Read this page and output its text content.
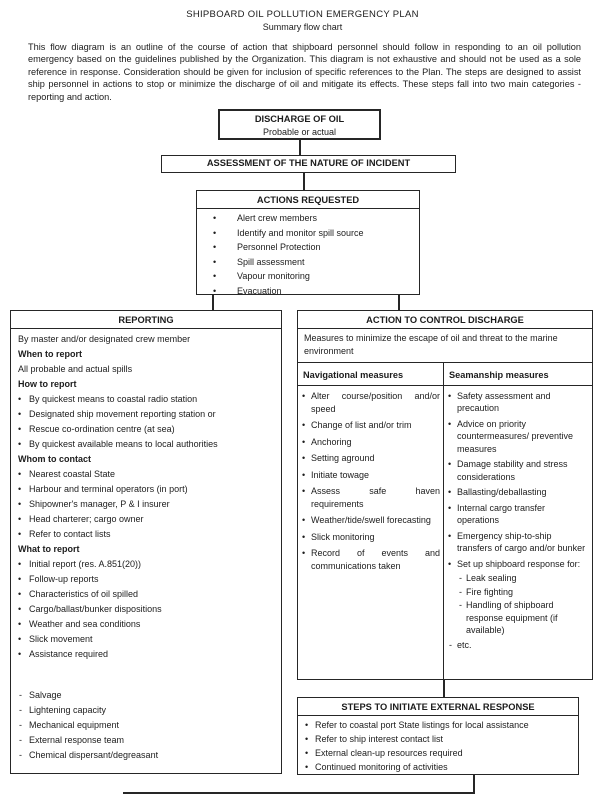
SHIPBOARD OIL POLLUTION EMERGENCY PLAN
Summary flow chart
This flow diagram is an outline of the course of action that shipboard personnel should follow in responding to an oil pollution emergency based on the guidelines published by the Organization. This diagram is not exhaustive and should not be used as a sole reference in response. Consideration should be given for inclusion of specific references to the Plan. The steps are designed to assist ship personnel in actions to stop or minimize the discharge of oil and mitigate its effects. These steps fall into two main categories - reporting and action.
DISCHARGE OF OIL
Probable or actual
ASSESSMENT OF THE NATURE OF INCIDENT
ACTIONS REQUESTED
• Alert crew members
• Identify and monitor spill source
• Personnel Protection
• Spill assessment
• Vapour monitoring
• Evacuation
REPORTING
By master and/or designated crew member
When to report
All probable and actual spills
How to report
• By quickest means to coastal radio station
• Designated ship movement reporting station or
• Rescue co-ordination centre (at sea)
• By quickest available means to local authorities
Whom to contact
• Nearest coastal State
• Harbour and terminal operators (in port)
• Shipowner's manager, P & I insurer
• Head charterer; cargo owner
• Refer to contact lists
What to report
• Initial report (res. A.851(20))
• Follow-up reports
• Characteristics of oil spilled
• Cargo/ballast/bunker dispositions
• Weather and sea conditions
• Slick movement
• Assistance required
- Salvage
- Lightening capacity
- Mechanical equipment
- External response team
- Chemical dispersant/degreasant
ACTION TO CONTROL DISCHARGE
Measures to minimize the escape of oil and threat to the marine environment
Navigational measures	Seamanship measures
• Alter course/position and/or speed
• Change of list and/or trim
• Anchoring
• Setting aground
• Initiate towage
• Assess safe haven requirements
• Weather/tide/swell forecasting
• Slick monitoring
• Record of events and communications taken
• Safety assessment and precaution
• Advice on priority countermeasures/ preventive measures
• Damage stability and stress considerations
• Ballasting/deballasting
• Internal cargo transfer operations
• Emergency ship-to-ship transfers of cargo and/or bunker
• Set up shipboard response for:
- Leak sealing
- Fire fighting
- Handling of shipboard response equipment (if available)
- etc.
STEPS TO INITIATE EXTERNAL RESPONSE
• Refer to coastal port State listings for local assistance
• Refer to ship interest contact list
• External clean-up resources required
• Continued monitoring of activities
